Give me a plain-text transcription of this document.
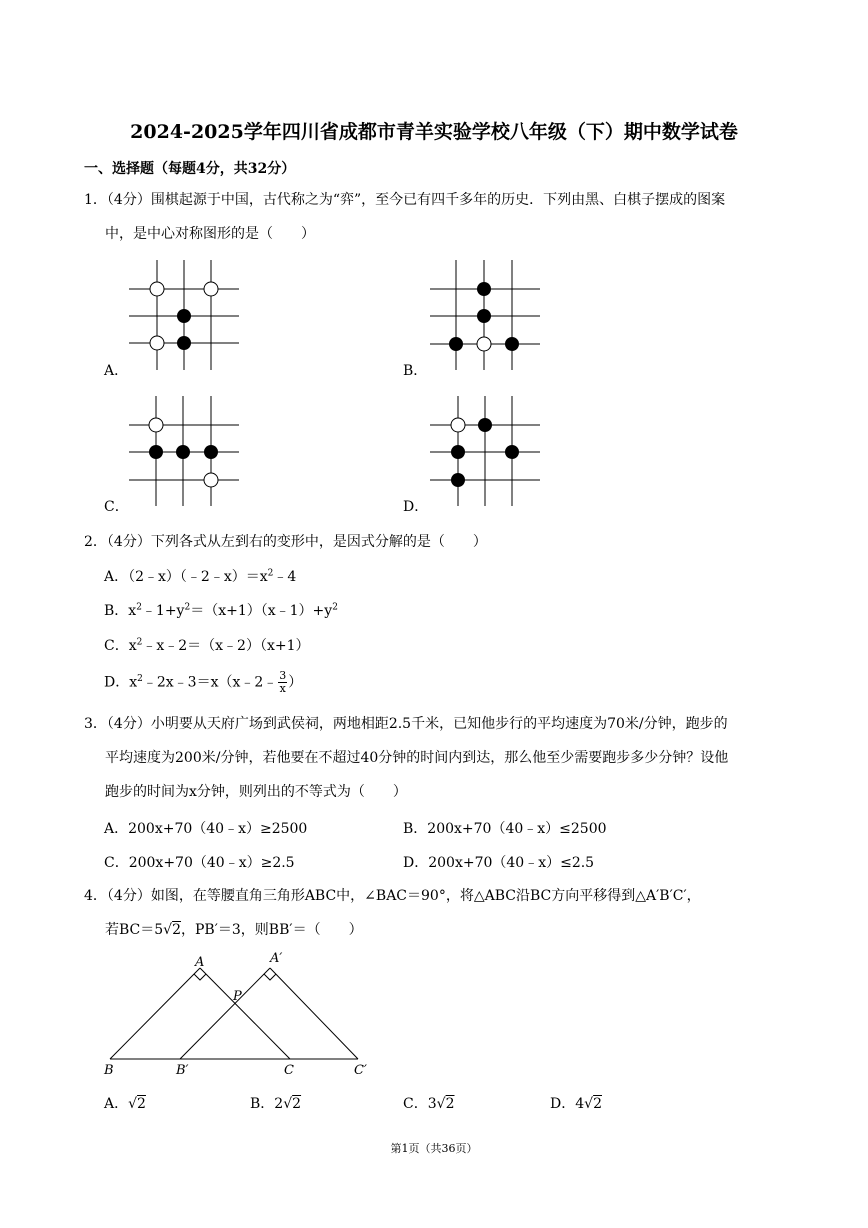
2024-2025学年四川省成都市青羊实验学校八年级（下）期中数学试卷
一、选择题（每题4分，共32分）
1．（4分）围棋起源于中国，古代称之为“弈”，至今已有四千多年的历史．下列由黑、白棋子摆成的图案
中，是中心对称图形的是（　　）
A．	B．
C．	D．
2．（4分）下列各式从左到右的变形中，是因式分解的是（　　）
A．$(2﹣x)(﹣2﹣x)=x^2﹣4$
B．$x^2﹣1+y^2=(x+1)(x﹣1)+y^2$
C．$x^2﹣x﹣2=(x﹣2)(x+1)$
D．$x^2﹣2x﹣3=x(x﹣2﹣ \frac{3}{x}$ ）
3．（4分）小明要从天府广场到武侯祠，两地相距2.5千米，已知他步行的平均速度为70米/分钟，跑步的
平均速度为200米/分钟，若他要在不超过40分钟的时间内到达，那么他至少需要跑步多少分钟？设他
跑步的时间为x分钟，则列出的不等式为（　　）
A．200x+70（40﹣x）≥2500	B．200x+70（40﹣x）≤2500
C．200x+70（40﹣x）≥2.5	D．200x+70（40﹣x）≤2.5
4．（4分）如图，在等腰直角三角形ABC中，∠BAC＝90°，将△ABC沿BC方向平移得到△A′B′C′，
若BC＝5√2，PB′＝3，则BB′＝（　　）
A	A′
P
B	B′	C	C′
A．√2	B．2√2	C．3√2	D．4√2
第1页（共36页）
